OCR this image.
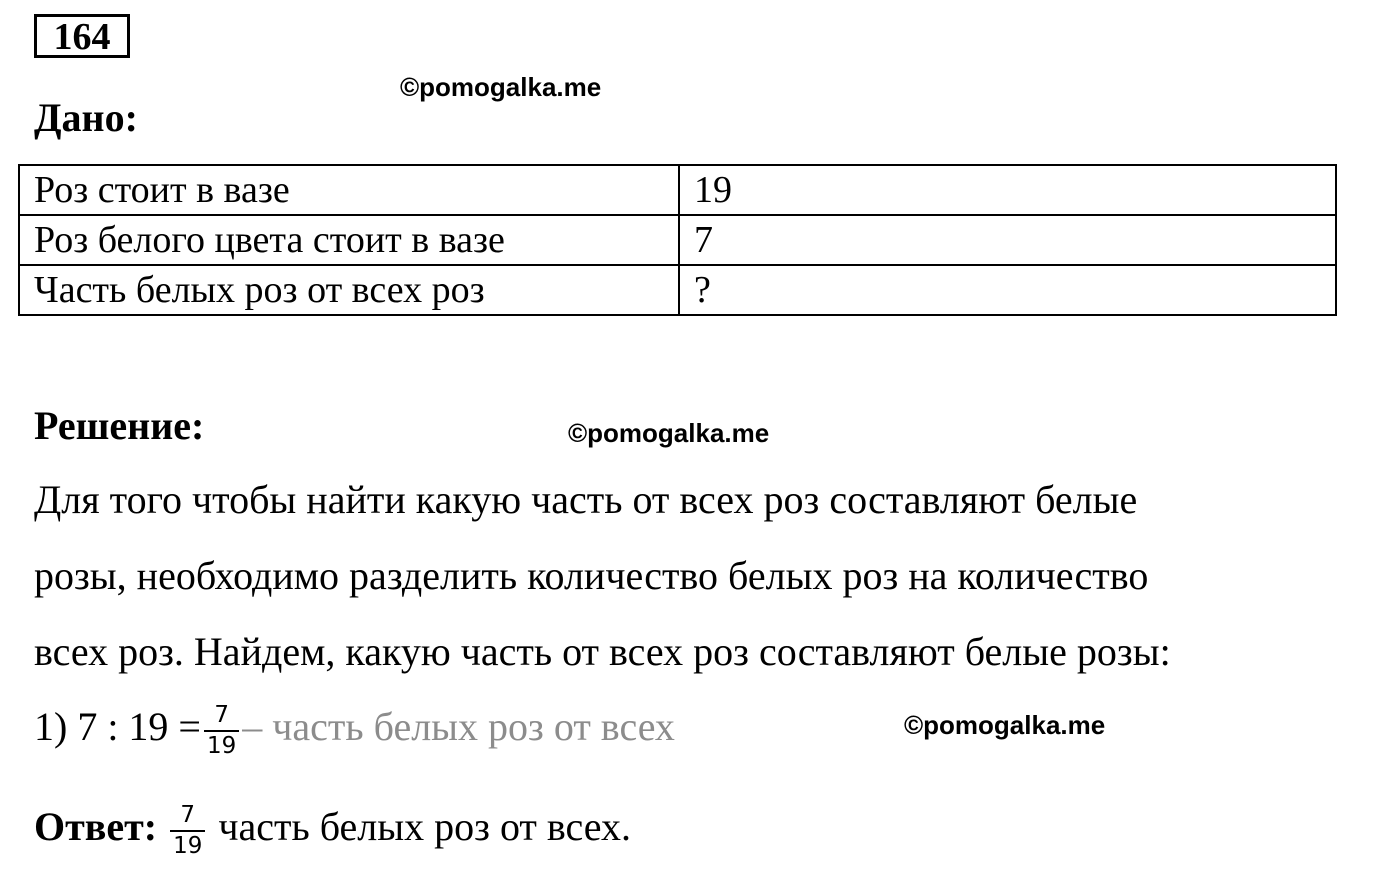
164
©pomogalka.me
Дано:
Роз стоит в вазе	19
Роз белого цвета стоит в вазе	7
Часть белых роз от всех роз	?
Решение:	©pomogalka.me
Для того чтобы найти какую часть от всех роз составляют белые
розы, необходимо разделить количество белых роз на количество
всех роз. Найдем, какую часть от всех роз составляют белые розы:
1) 7 : $19 = \frac{7}{19}$ – часть белых роз от всех	©pomogalka.me
Ответ: $\frac{7}{19}$ часть белых роз от всех.
